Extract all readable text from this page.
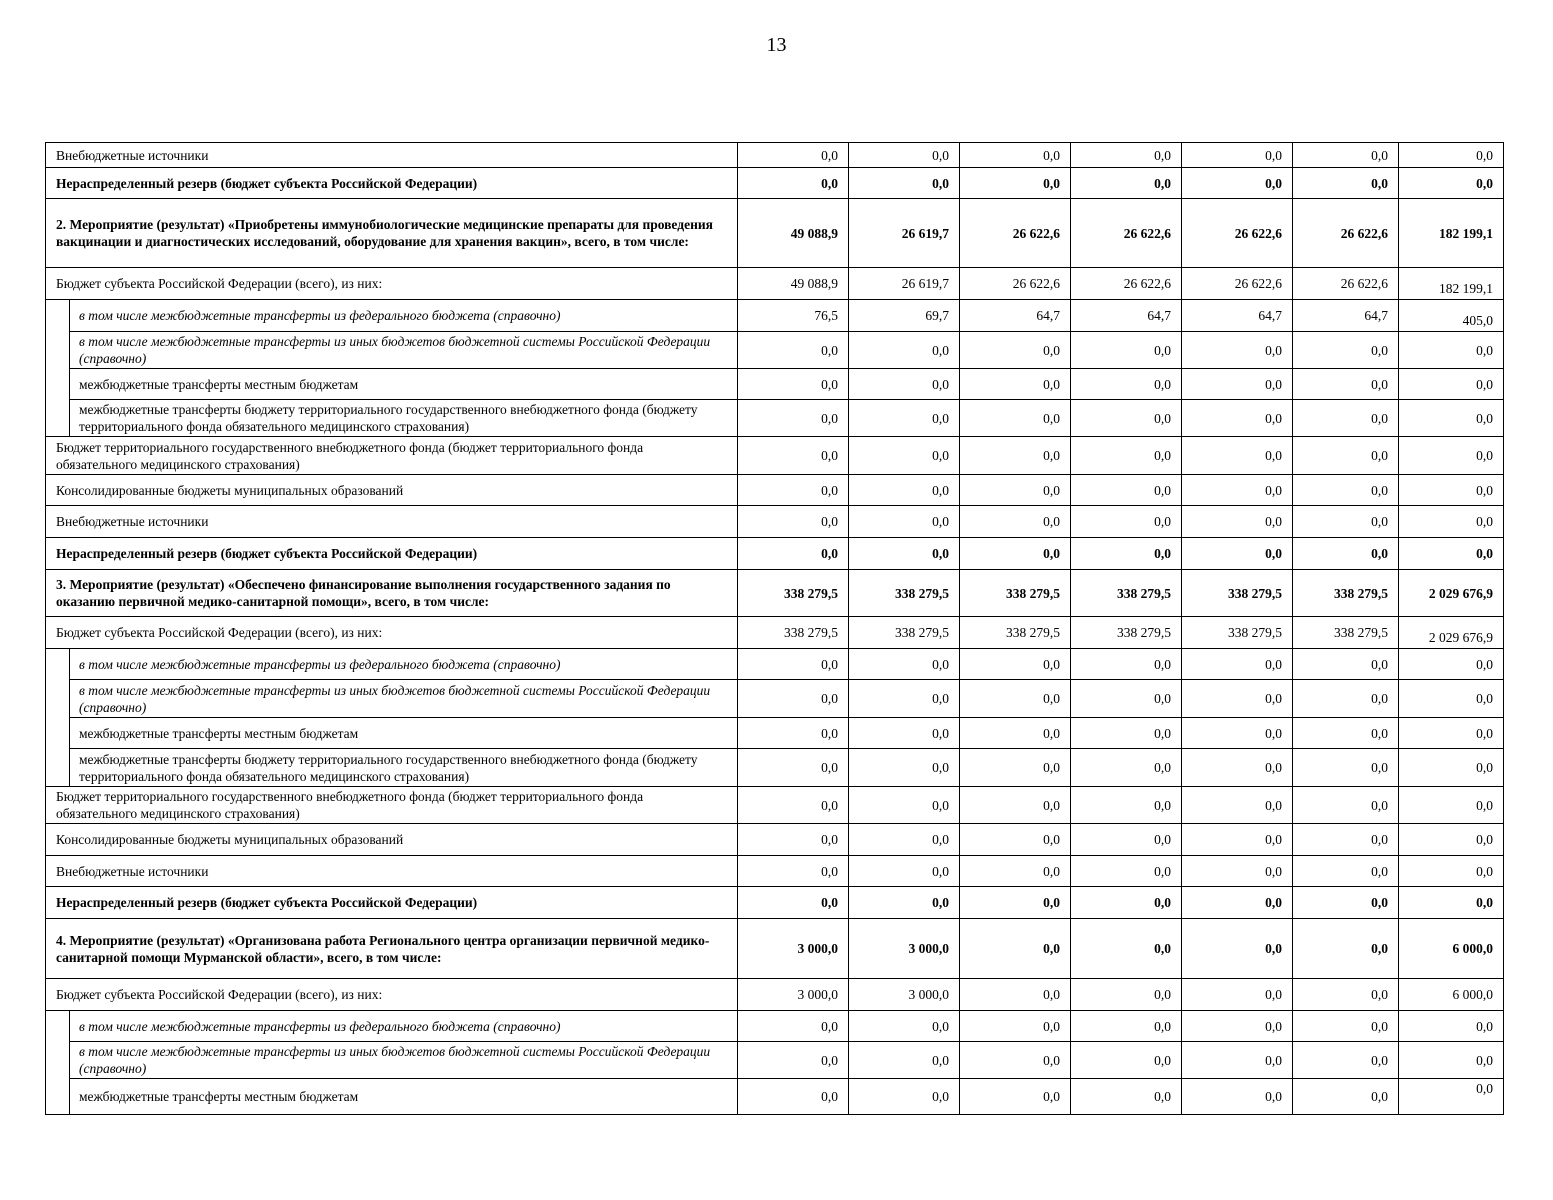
13
Внебюджетные источники		0,0	0,0	0,0	0,0	0,0	0,0	0,0
Нераспределенный резерв (бюджет субъекта Российской Федерации)		0,0	0,0	0,0	0,0	0,0	0,0	0,0
2. Мероприятие (результат) «Приобретены иммунобиологические медицинские препараты для проведения вакцинации и диагностических исследований, оборудование для хранения вакцин», всего, в том числе:		49 088,9	26 619,7	26 622,6	26 622,6	26 622,6	26 622,6	182 199,1
Бюджет субъекта Российской Федерации (всего), из них:		49 088,9	26 619,7	26 622,6	26 622,6	26 622,6	26 622,6	182 199,1
	в том числе межбюджетные трансферты из федерального бюджета (справочно)	76,5	69,7	64,7	64,7	64,7	64,7	405,0
	в том числе межбюджетные трансферты из иных бюджетов бюджетной системы Российской Федерации (справочно)	0,0	0,0	0,0	0,0	0,0	0,0	0,0
	межбюджетные трансферты местным бюджетам	0,0	0,0	0,0	0,0	0,0	0,0	0,0
	межбюджетные трансферты бюджету территориального государственного внебюджетного фонда (бюджету территориального фонда обязательного медицинского страхования)	0,0	0,0	0,0	0,0	0,0	0,0	0,0
Бюджет территориального государственного внебюджетного фонда (бюджет территориального фонда обязательного медицинского страхования)		0,0	0,0	0,0	0,0	0,0	0,0	0,0
Консолидированные бюджеты муниципальных образований		0,0	0,0	0,0	0,0	0,0	0,0	0,0
Внебюджетные источники		0,0	0,0	0,0	0,0	0,0	0,0	0,0
Нераспределенный резерв (бюджет субъекта Российской Федерации)		0,0	0,0	0,0	0,0	0,0	0,0	0,0
3. Мероприятие (результат) «Обеспечено финансирование выполнения государственного задания по оказанию первичной медико-санитарной помощи», всего, в том числе:		338 279,5	338 279,5	338 279,5	338 279,5	338 279,5	338 279,5	2 029 676,9
Бюджет субъекта Российской Федерации (всего), из них:		338 279,5	338 279,5	338 279,5	338 279,5	338 279,5	338 279,5	2 029 676,9
	в том числе межбюджетные трансферты из федерального бюджета (справочно)	0,0	0,0	0,0	0,0	0,0	0,0	0,0
	в том числе межбюджетные трансферты из иных бюджетов бюджетной системы Российской Федерации (справочно)	0,0	0,0	0,0	0,0	0,0	0,0	0,0
	межбюджетные трансферты местным бюджетам	0,0	0,0	0,0	0,0	0,0	0,0	0,0
	межбюджетные трансферты бюджету территориального государственного внебюджетного фонда (бюджету территориального фонда обязательного медицинского страхования)	0,0	0,0	0,0	0,0	0,0	0,0	0,0
Бюджет территориального государственного внебюджетного фонда (бюджет территориального фонда обязательного медицинского страхования)		0,0	0,0	0,0	0,0	0,0	0,0	0,0
Консолидированные бюджеты муниципальных образований		0,0	0,0	0,0	0,0	0,0	0,0	0,0
Внебюджетные источники		0,0	0,0	0,0	0,0	0,0	0,0	0,0
Нераспределенный резерв (бюджет субъекта Российской Федерации)		0,0	0,0	0,0	0,0	0,0	0,0	0,0
4. Мероприятие (результат) «Организована работа Регионального центра организации первичной медико-санитарной помощи Мурманской области», всего, в том числе:		3 000,0	3 000,0	0,0	0,0	0,0	0,0	6 000,0
Бюджет субъекта Российской Федерации (всего), из них:		3 000,0	3 000,0	0,0	0,0	0,0	0,0	6 000,0
	в том числе межбюджетные трансферты из федерального бюджета (справочно)	0,0	0,0	0,0	0,0	0,0	0,0	0,0
	в том числе межбюджетные трансферты из иных бюджетов бюджетной системы Российской Федерации (справочно)	0,0	0,0	0,0	0,0	0,0	0,0	0,0
	межбюджетные трансферты местным бюджетам	0,0	0,0	0,0	0,0	0,0	0,0	0,0
